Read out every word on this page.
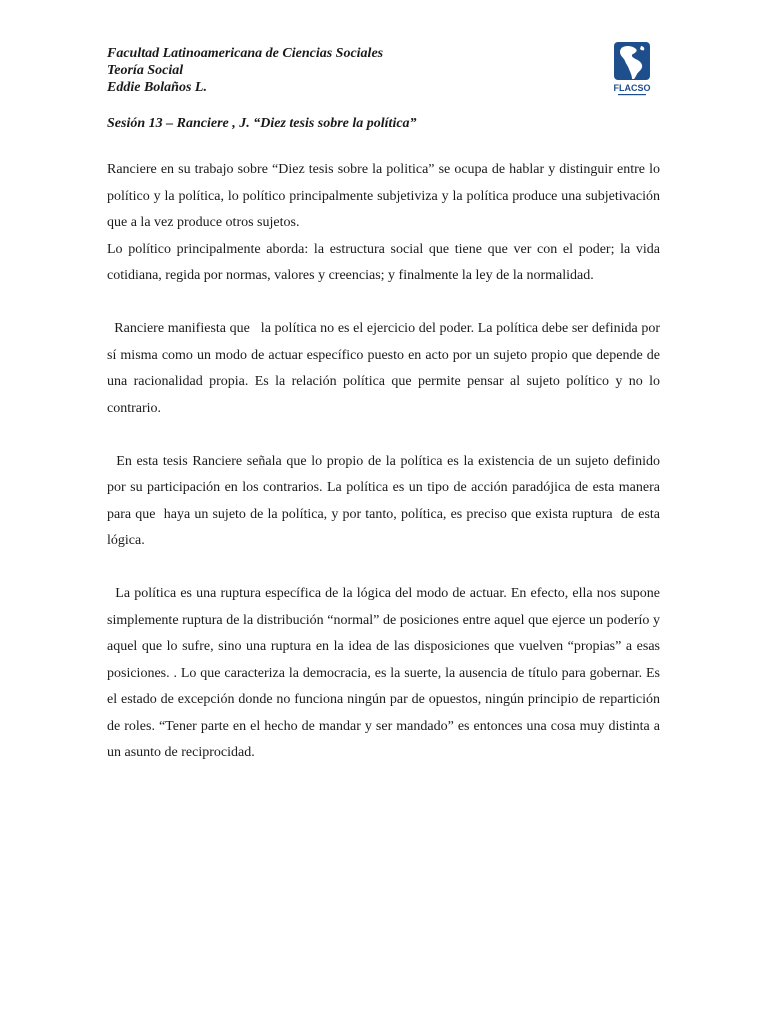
Facultad Latinoamericana de Ciencias Sociales
Teoría Social
Eddie Bolaños L.	FLACSO
Sesión 13 – Ranciere , J. “Diez tesis sobre la política”

Ranciere en su trabajo sobre “Diez tesis sobre la politica” se ocupa de hablar y distinguir entre lo político y la política, lo político principalmente subjetiviza y la política produce una subjetivación que a la vez produce otros sujetos.

Lo político principalmente aborda: la estructura social que tiene que ver con el poder; la vida cotidiana, regida por normas, valores y creencias; y finalmente la ley de la normalidad.

Ranciere manifiesta que   la política no es el ejercicio del poder. La política debe ser definida por sí misma como un modo de actuar específico puesto en acto por un sujeto propio que depende de una racionalidad propia. Es la relación política que permite pensar al sujeto político y no lo contrario.

En esta tesis Ranciere señala que lo propio de la política es la existencia de un sujeto definido por su participación en los contrarios. La política es un tipo de acción paradójica de esta manera para que  haya un sujeto de la política, y por tanto, política, es preciso que exista ruptura  de esta lógica.

La política es una ruptura específica de la lógica del modo de actuar. En efecto, ella nos supone simplemente ruptura de la distribución “normal” de posiciones entre aquel que ejerce un poderío y aquel que lo sufre, sino una ruptura en la idea de las disposiciones que vuelven “propias” a esas posiciones. . Lo que caracteriza la democracia, es la suerte, la ausencia de título para gobernar. Es el estado de excepción donde no funciona ningún par de opuestos, ningún principio de repartición de roles. “Tener parte en el hecho de mandar y ser mandado” es entonces una cosa muy distinta a un asunto de reciprocidad.
